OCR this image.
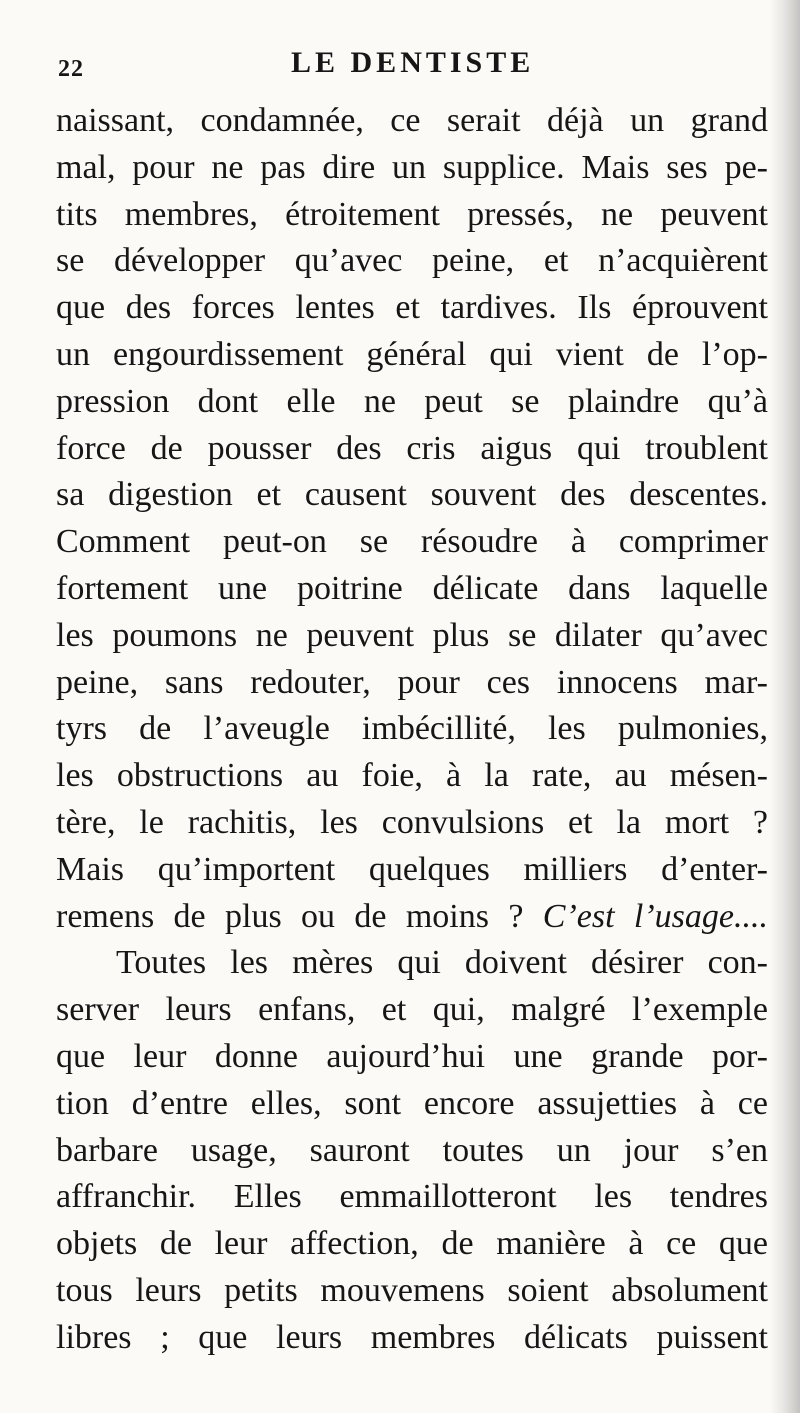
22	LE DENTISTE
naissant, condamnée, ce serait déjà un grand
mal, pour ne pas dire un supplice. Mais ses pe-
tits membres, étroitement pressés, ne peuvent
se développer qu’avec peine, et n’acquièrent
que des forces lentes et tardives. Ils éprouvent
un engourdissement général qui vient de l’op-
pression dont elle ne peut se plaindre qu’à
force de pousser des cris aigus qui troublent
sa digestion et causent souvent des descentes.
Comment peut-on se résoudre à comprimer
fortement une poitrine délicate dans laquelle
les poumons ne peuvent plus se dilater qu’avec
peine, sans redouter, pour ces innocens mar-
tyrs de l’aveugle imbécillité, les pulmonies,
les obstructions au foie, à la rate, au mésen-
tère, le rachitis, les convulsions et la mort ?
Mais qu’importent quelques milliers d’enter-
remens de plus ou de moins ? C’est l’usage....
Toutes les mères qui doivent désirer con-
server leurs enfans, et qui, malgré l’exemple
que leur donne aujourd’hui une grande por-
tion d’entre elles, sont encore assujetties à ce
barbare usage, sauront toutes un jour s’en
affranchir. Elles emmaillotteront les tendres
objets de leur affection, de manière à ce que
tous leurs petits mouvemens soient absolument
libres ; que leurs membres délicats puissent
